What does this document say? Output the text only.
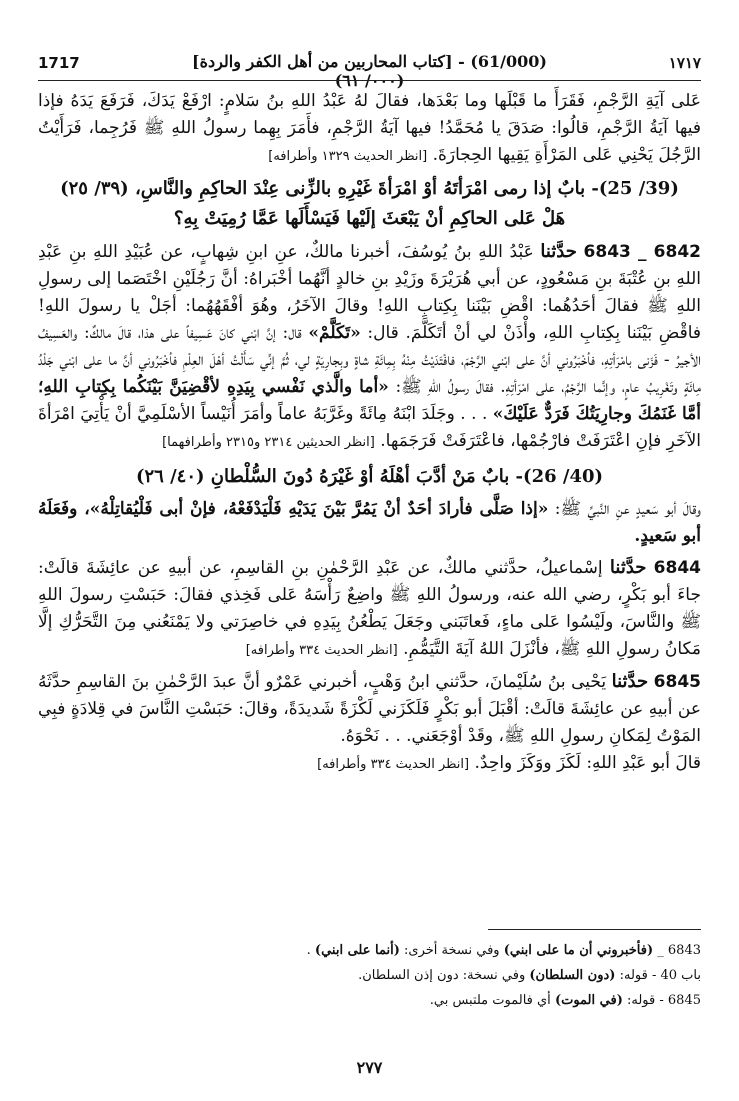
1717	(61/000) - [كتاب المحاربين من أهل الكفر والردة] (٠٠٠/ ٦١)
١٧١٧

عَلى آيَةِ الرَّجْمِ، فَقَرَأَ ما قَبْلَها وما بَعْدَها، فقالَ لهُ عَبْدُ اللهِ بنُ سَلامٍ: ارْفَعْ يَدَكَ، فَرَفَعَ يَدَهُ فإذا فيها آيَةُ الرَّجْمِ، قالُوا: صَدَقَ يا مُحَمَّدُ! فيها آيَةُ الرَّجْمِ، فأَمَرَ بِهِما رسولُ اللهِ ﷺ فَرُجِما، فَرَأَيْتُ الرَّجُلَ يَحْنِي عَلى المَرْأَةِ يَقِيها الحِجارَةَ. [انظر الحديث ١٣٢٩ وأطرافه]

(39/ 25)- بابٌ إذا رمى امْرَأتَهُ أوْ امْرَأةَ غَيْرِهِ بالزِّنى عِنْدَ الحاكِمِ والنَّاسِ، (٣٩/ ٢٥)

هَلْ عَلى الحاكِمِ أنْ يَبْعَثَ إلَيْها فَيَسْأَلَها عَمَّا رُمِيَتْ بِهِ؟

6842 _ 6843 حدَّثنا عَبْدُ اللهِ بنُ يُوسُفَ، أخبرنا مالكٌ، عنِ ابنِ شِهابٍ، عن عُبَيْدِ اللهِ بنِ عَبْدِ اللهِ بنِ عُتْبَةَ بنِ مَسْعُودٍ، عن أبي هُرَيْرَةَ وزَيْدِ بنِ خالدٍ أنَّهُما أخْبَراهُ: أنَّ رَجُلَيْنِ اخْتَصَما إلى رسولِ اللهِ ﷺ فقالَ أحَدُهُما: اقْضِ بَيْنَنا بِكِتابِ اللهِ! وقالَ الآخَرُ، وهُوَ أفْقَهُهُما: أجَلْ يا رسولَ اللهِ! فاقْضِ بَيْنَنا بِكِتابِ اللهِ، وأْذَنْ لي أنْ أتَكَلَّمَ. قال: «تَكَلَّمْ» قال: إنَّ ابْني كانَ عَسِيفاً على هذا، قالَ مالكٌ: والعَسِيفُ الأجيرُ - فَزَنى بامْرَأتِهِ، فأخْبَرُوني أنَّ على ابْني الرَّجْمَ، فافْتَدَيْتُ مِنْهُ بِمِائَةِ شاةٍ وبِجارِيَةٍ لي، ثُمَّ إنِّي سَأَلْتُ أهْلَ العِلْمِ فأخْبَرُوني أنَّ ما على ابْني جَلْدُ مِائَةٍ وتَغْرِيبُ عامٍ، وإنَّما الرَّجْمُ، على امْرَأتِهِ. فقالَ رسولُ اللهِ ﷺ: «أما والَّذي نَفْسي بِيَدِهِ لأقْضِيَنَّ بَيْنَكُما بِكِتابِ اللهِ؛ أمَّا غَنَمُكَ وجارِيَتُكَ فَرَدٌّ عَلَيْكَ» . . . وجَلَدَ ابْنَهُ مِائَةً وغَرَّبَهُ عاماً وأمَرَ أُنَيْساً الأسْلَمِيَّ أنْ يَأْتِيَ امْرَأةَ الآخَرِ فإنِ اعْتَرَفَتْ فارْجُمْها، فاعْتَرَفَتْ فَرَجَمَها. [انظر الحديثين ٢٣١٤ و٢٣١٥ وأطرافهما]

(40/ 26)- بابٌ مَنْ أدَّبَ أهْلَهُ أوْ غَيْرَهُ دُونَ السُّلْطانِ (٤٠/ ٢٦)

وقالَ أبو سَعيدٍ عنِ النَّبيِّ ﷺ: «إذا صَلَّى فأرادَ أحَدٌ أنْ يَمُرَّ بَيْنَ يَدَيْهِ فَلْيَدْفَعْهُ، فإنْ أبى فَلْيُقاتِلْهُ»، وفَعَلَهُ أبو سَعيدٍ.

6844 حدَّثنا إسْماعيلُ، حدَّثني مالكٌ، عن عَبْدِ الرَّحْمٰنِ بنِ القاسِمِ، عن أبيهِ عن عائِشَةَ قالَتْ: جاءَ أبو بَكْرٍ، رضي الله عنه، ورسولُ اللهِ ﷺ واضِعٌ رَأْسَهُ عَلى فَخِذي فقالَ: حَبَسْتِ رسولَ اللهِ ﷺ والنَّاسَ، ولَيْسُوا عَلى ماءٍ، فَعاتَبَني وجَعَلَ يَطْعُنُ بِيَدِهِ في خاصِرَتي ولا يَمْنَعُني مِنَ التَّحَرُّكِ إلَّا مَكانُ رسولِ اللهِ ﷺ، فأنْزَلَ اللهُ آيَةَ التَّيَمُّمِ. [انظر الحديث ٣٣٤ وأطرافه]

6845 حدَّثنا يَحْيى بنُ سُلَيْمانَ، حدَّثني ابنُ وَهْبٍ، أخبرني عَمْرٌو أنَّ عبدَ الرَّحْمٰنِ بنَ القاسِمِ حدَّثَهُ عن أبيهِ عن عائِشَةَ قالَتْ: أقْبَلَ أبو بَكْرٍ فَلَكَزَني لَكْزَةً شَديدَةً، وقالَ: حَبَسْتِ النَّاسَ في قِلادَةٍ فبِي المَوْتُ لِمَكانِ رسولِ اللهِ ﷺ، وقَدْ أوْجَعَني. . . نَحْوَهُ.

قالَ أبو عَبْدِ اللهِ: لَكَزَ ووَكَزَ واحِدٌ. [انظر الحديث ٣٣٤ وأطرافه]

6843 _ (فأخبروني أن ما على ابني) وفي نسخة أخرى: (أنما على ابني) .

باب 40 - قوله: (دون السلطان) وفي نسخة: دون إذن السلطان.

6845 - قوله: (في الموت) أي فالموت ملتبس بي.

٢٧٧
